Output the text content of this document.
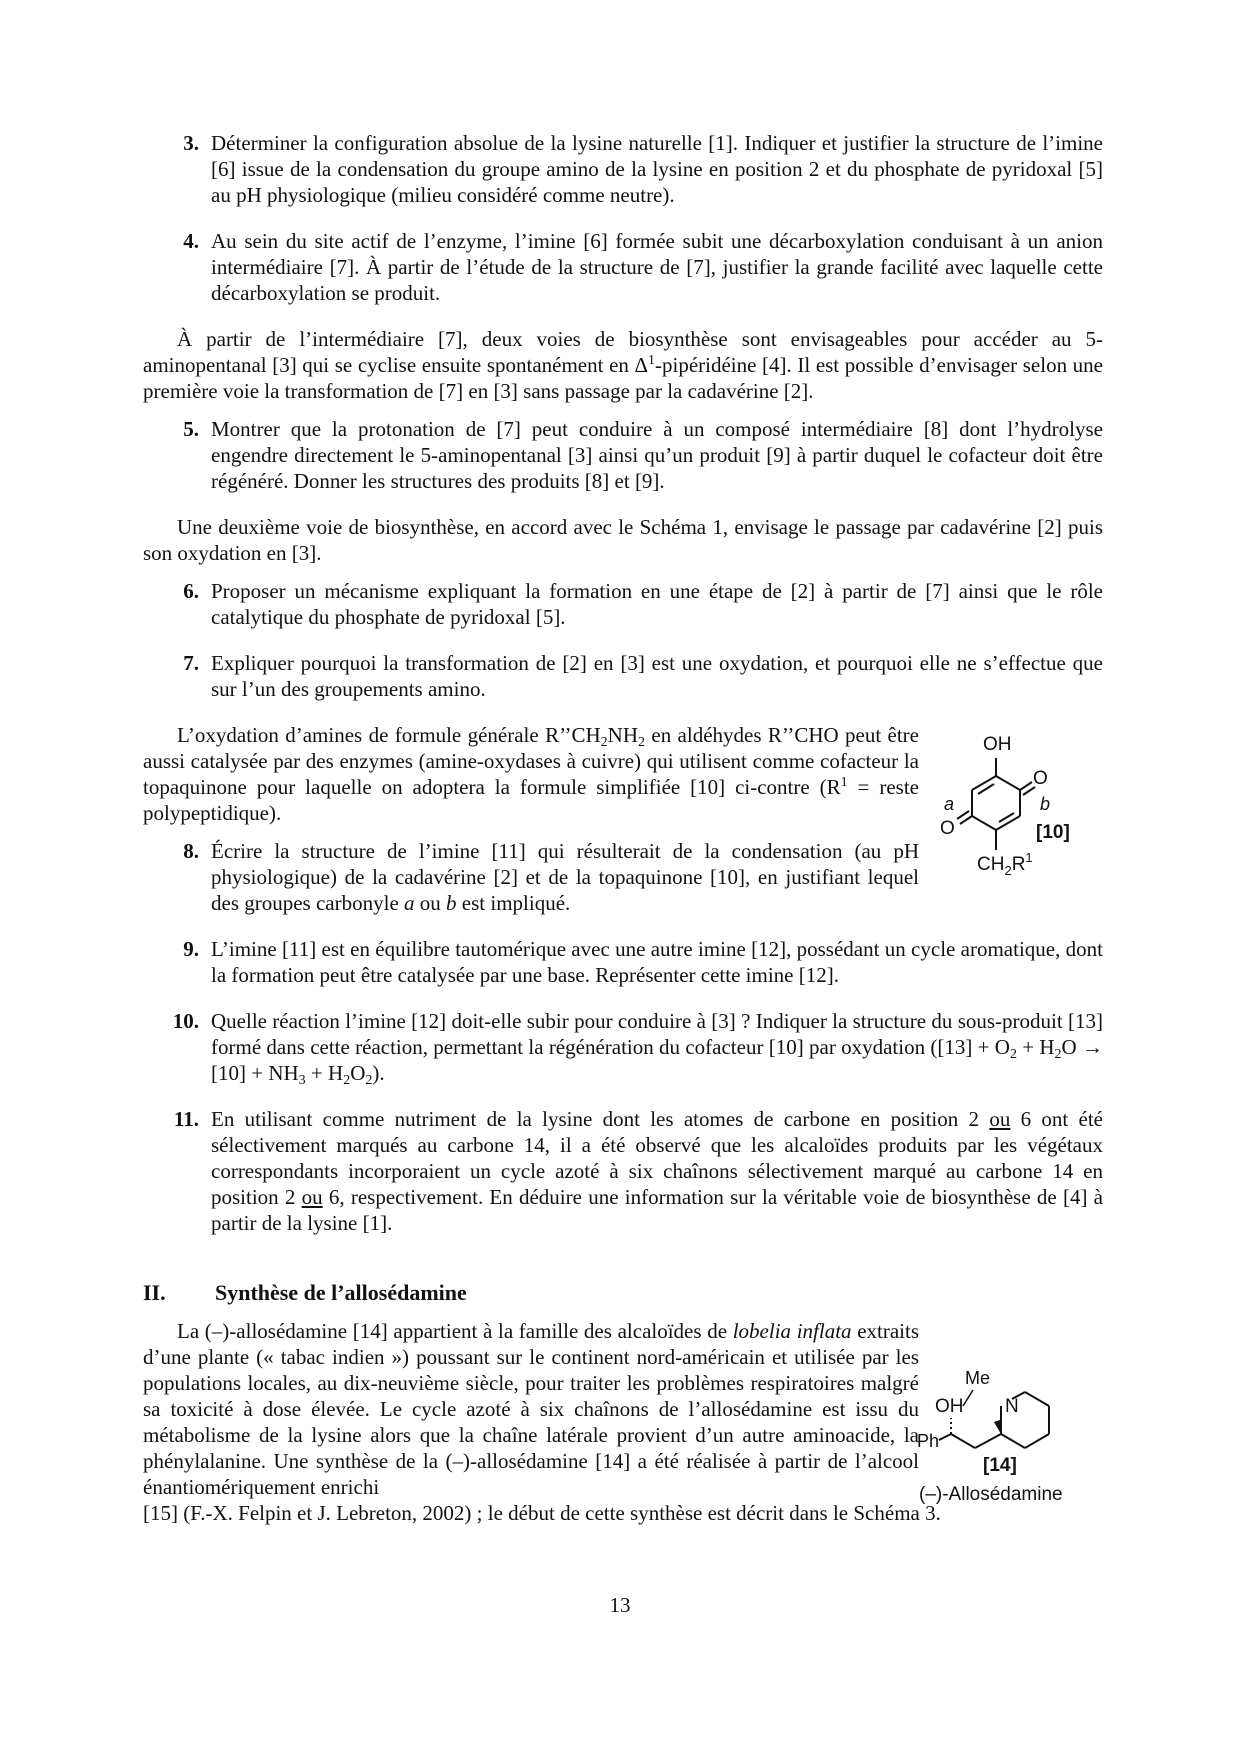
3. Déterminer la configuration absolue de la lysine naturelle [1]. Indiquer et justifier la structure de l’imine [6] issue de la condensation du groupe amino de la lysine en position 2 et du phosphate de pyridoxal [5] au pH physiologique (milieu considéré comme neutre).
4. Au sein du site actif de l’enzyme, l’imine [6] formée subit une décarboxylation conduisant à un anion intermédiaire [7]. À partir de l’étude de la structure de [7], justifier la grande facilité avec laquelle cette décarboxylation se produit.
À partir de l’intermédiaire [7], deux voies de biosynthèse sont envisageables pour accéder au 5-aminopentanal [3] qui se cyclise ensuite spontanément en $\Delta^1$-pipéridéine [4]. Il est possible d’envisager selon une première voie la transformation de [7] en [3] sans passage par la cadavérine [2].
5. Montrer que la protonation de [7] peut conduire à un composé intermédiaire [8] dont l’hydrolyse engendre directement le 5-aminopentanal [3] ainsi qu’un produit [9] à partir duquel le cofacteur doit être régénéré. Donner les structures des produits [8] et [9].
Une deuxième voie de biosynthèse, en accord avec le Schéma 1, envisage le passage par cadavérine [2] puis son oxydation en [3].
6. Proposer un mécanisme expliquant la formation en une étape de [2] à partir de [7] ainsi que le rôle catalytique du phosphate de pyridoxal [5].
7. Expliquer pourquoi la transformation de [2] en [3] est une oxydation, et pourquoi elle ne s’effectue que sur l’un des groupements amino.
L’oxydation d’amines de formule générale $R’’CH_2NH_2$ en aldéhydes R’’CHO peut être aussi catalysée par des enzymes (amine-oxydases à cuivre) qui utilisent comme cofacteur la topaquinone pour laquelle on adoptera la formule simplifiée [10] ci-contre ($R^1$ = reste polypeptidique).
8. Écrire la structure de l’imine [11] qui résulterait de la condensation (au pH physiologique) de la cadavérine [2] et de la topaquinone [10], en justifiant lequel des groupes carbonyle a ou b est impliqué.
9. L’imine [11] est en équilibre tautomérique avec une autre imine [12], possédant un cycle aromatique, dont la formation peut être catalysée par une base. Représenter cette imine [12].
10. Quelle réaction l’imine [12] doit-elle subir pour conduire à [3] ? Indiquer la structure du sous-produit [13] formé dans cette réaction, permettant la régénération du cofacteur [10] par oxydation $([13] + O_2 + H_2O \to [10] + NH_3 + H_2O_2)$.
11. En utilisant comme nutriment de la lysine dont les atomes de carbone en position 2 ou 6 ont été sélectivement marqués au carbone 14, il a été observé que les alcaloïdes produits par les végétaux correspondants incorporaient un cycle azoté à six chaînons sélectivement marqué au carbone 14 en position 2 ou 6, respectivement. En déduire une information sur la véritable voie de biosynthèse de [4] à partir de la lysine [1].
II.	Synthèse de l’allosédamine
La (–)-allosédamine [14] appartient à la famille des alcaloïdes de lobelia inflata extraits d’une plante (« tabac indien ») poussant sur le continent nord-américain et utilisée par les populations locales, au dix-neuvième siècle, pour traiter les problèmes respiratoires malgré sa toxicité à dose élevée. Le cycle azoté à six chaînons de l’allosédamine est issu du métabolisme de la lysine alors que la chaîne latérale provient d’un autre aminoacide, la phénylalanine. Une synthèse de la (–)-allosédamine [14] a été réalisée à partir de l’alcool énantiomériquement enrichi
[15] (F.-X. Felpin et J. Lebreton, 2002) ; le début de cette synthèse est décrit dans le Schéma 3.
OH
O
O
a	b
[10]
$CH_2R^1$
Me
N
OH
Ph
[14]
(–)-Allosédamine
13
